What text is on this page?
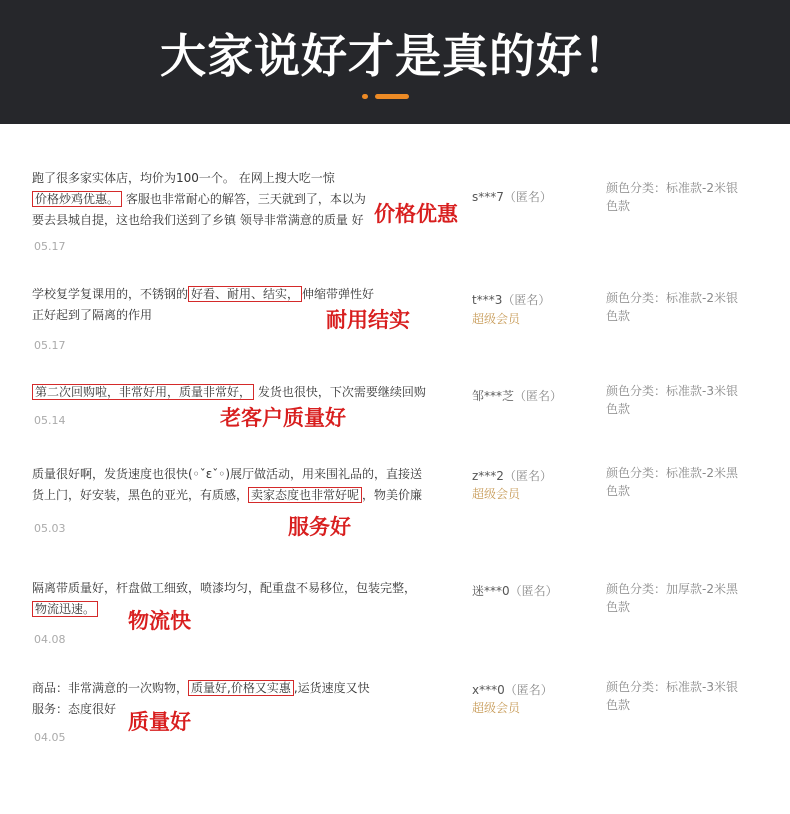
大家说好才是真的好！
跑了很多家实体店，均价为100一个。 在网上搜大吃一惊
价格炒鸡优惠。 客服也非常耐心的解答，三天就到了，本以为
要去县城自提，这也给我们送到了乡镇 领导非常满意的质量 好
05.17
s***7（匿名）
颜色分类：标准款-2米银色款
价格优惠
学校复学复课用的，不锈钢的 好看、耐用、结实， 伸缩带弹性好
正好起到了隔离的作用
05.17
t***3（匿名）
超级会员
颜色分类：标准款-2米银色款
耐用结实
第二次回购啦，非常好用，质量非常好， 发货也很快，下次需要继续回购
05.14
邹***芝（匿名）	颜色分类：标准款-3米银色款
老客户质量好
质量很好啊，发货速度也很快(◦ˇεˇ◦)展厅做活动，用来围礼品的，直接送
货上门，好安装，黑色的亚光，有质感， 卖家态度也非常好呢 ，物美价廉
05.03
z***2（匿名）
超级会员
颜色分类：标准款-2米黑色款
服务好
隔离带质量好，杆盘做工细致，喷漆均匀，配重盘不易移位，包装完整，
物流迅速。
04.08
迷***0（匿名）	颜色分类：加厚款-2米黑色款
物流快
商品：非常满意的一次购物， 质量好,价格又实惠 ,运货速度又快
服务：态度很好
04.05
x***0（匿名）
超级会员
颜色分类：标准款-3米银色款
质量好
